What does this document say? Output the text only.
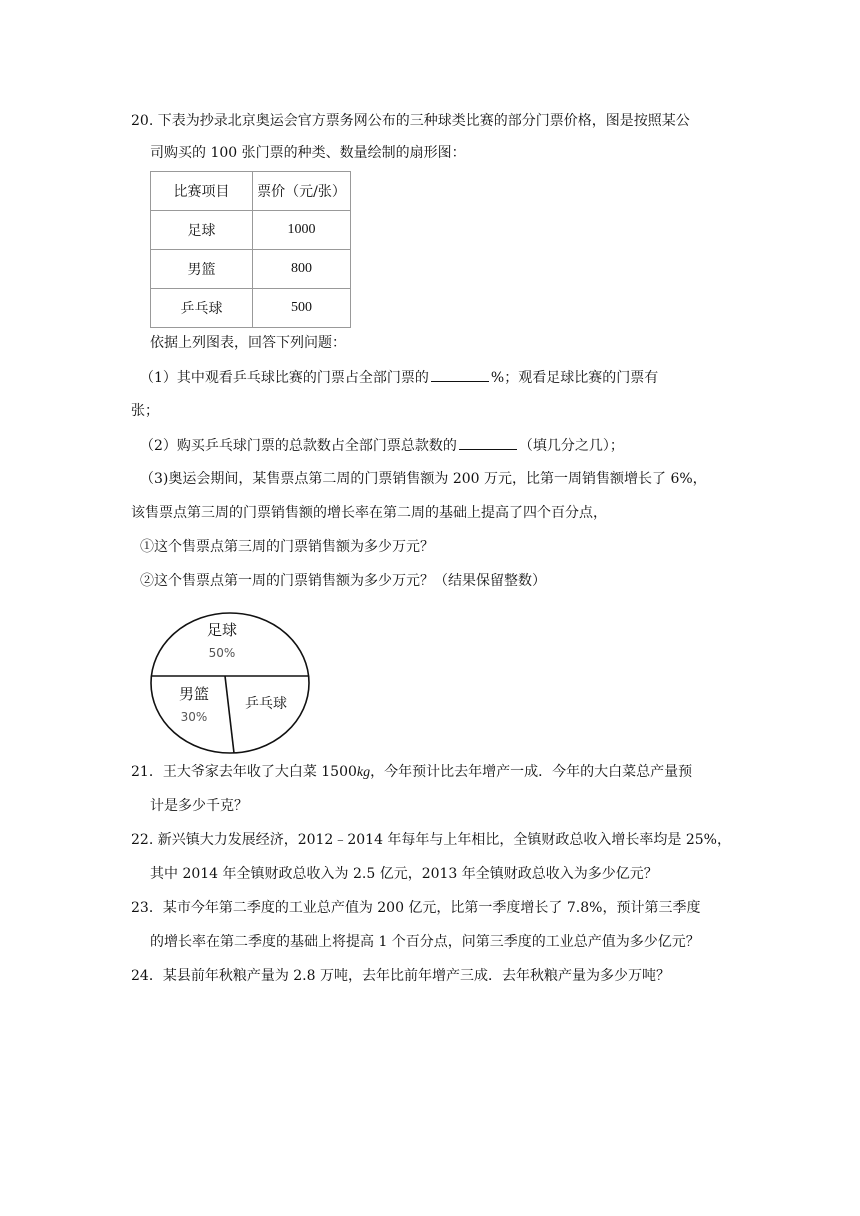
20. 下表为抄录北京奥运会官方票务网公布的三种球类比赛的部分门票价格，图是按照某公
司购买的 100 张门票的种类、数量绘制的扇形图：
比赛项目	票价（元/张）
足球	1000
男篮	800
乒乓球	500
依据上列图表，回答下列问题：
（1）其中观看乒乓球比赛的门票占全部门票的	%；观看足球比赛的门票有
张；
（2）购买乒乓球门票的总款数占全部门票总款数的	（填几分之几）；
（3)奥运会期间，某售票点第二周的门票销售额为 200 万元，比第一周销售额增长了 6%，
该售票点第三周的门票销售额的增长率在第二周的基础上提高了四个百分点，
①这个售票点第三周的门票销售额为多少万元？
②这个售票点第一周的门票销售额为多少万元？（结果保留整数）
足球
50%
男篮
30%
乒乓球
21．王大爷家去年收了大白菜 1500kg，今年预计比去年增产一成．今年的大白菜总产量预
计是多少千克？
22. 新兴镇大力发展经济，2012﹣2014 年每年与上年相比，全镇财政总收入增长率均是 25%，
其中 2014 年全镇财政总收入为 2.5 亿元，2013 年全镇财政总收入为多少亿元？
23．某市今年第二季度的工业总产值为 200 亿元，比第一季度增长了 7.8%，预计第三季度
的增长率在第二季度的基础上将提高 1 个百分点，问第三季度的工业总产值为多少亿元？
24．某县前年秋粮产量为 2.8 万吨，去年比前年增产三成．去年秋粮产量为多少万吨？
